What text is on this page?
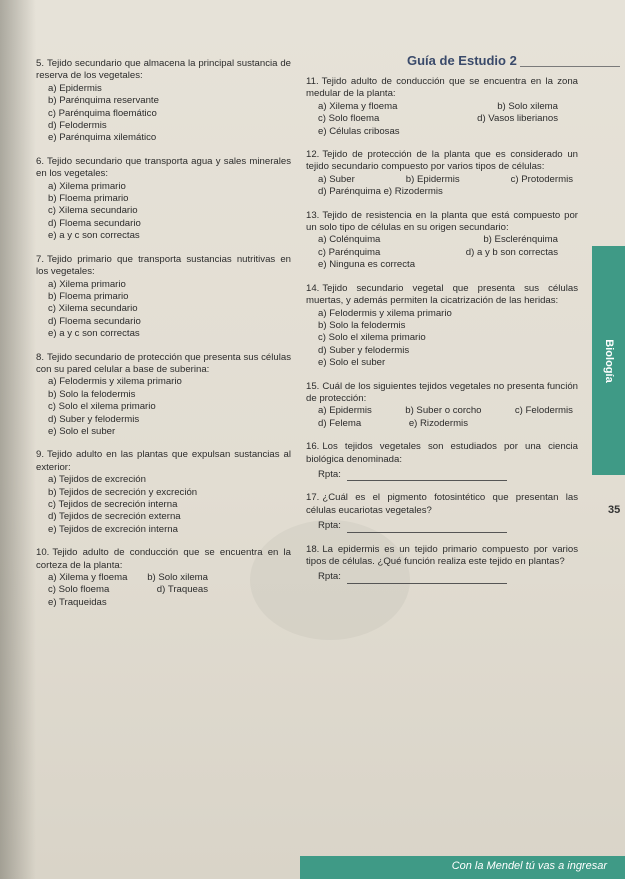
Guía de Estudio 2
5. Tejido secundario que almacena la principal sustancia de reserva de los vegetales:
a) Epidermis
b) Parénquima reservante
c) Parénquima floemático
d) Felodermis
e) Parénquima xilemático
6. Tejido secundario que transporta agua y sales minerales en los vegetales:
a) Xilema primario
b) Floema primario
c) Xilema secundario
d) Floema secundario
e) a y c son correctas
7. Tejido primario que transporta sustancias nutritivas en los vegetales:
a) Xilema primario
b) Floema primario
c) Xilema secundario
d) Floema secundario
e) a y c son correctas
8. Tejido secundario de protección que presenta sus células con su pared celular a base de suberina:
a) Felodermis y xilema primario
b) Solo la felodermis
c) Solo el xilema primario
d) Suber y felodermis
e) Solo el suber
9. Tejido adulto en las plantas que expulsan sustancias al exterior:
a) Tejidos de excreción
b) Tejidos de secreción y excreción
c) Tejidos de secreción interna
d) Tejidos de secreción externa
e) Tejidos de excreción interna
10. Tejido adulto de conducción que se encuentra en la corteza de la planta:
a) Xilema y floema b) Solo xilema
c) Solo floema	d) Traqueas
e) Traqueidas
11. Tejido adulto de conducción que se encuentra en la zona medular de la planta:
a) Xilema y floema	b) Solo xilema
c) Solo floema	d) Vasos liberianos
e) Células cribosas
12. Tejido de protección de la planta que es considerado un tejido secundario compuesto por varios tipos de células:
a) Suber	b) Epidermis	c) Protodermis
d) Parénquima e) Rizodermis
13. Tejido de resistencia en la planta que está compuesto por un solo tipo de células en su origen secundario:
a) Colénquima	b) Esclerénquima
c) Parénquima	d) a y b son correctas
e) Ninguna es correcta
14. Tejido secundario vegetal que presenta sus células muertas, y además permiten la cicatrización de las heridas:
a) Felodermis y xilema primario
b) Solo la felodermis
c) Solo el xilema primario
d) Suber y felodermis
e) Solo el suber
15. Cuál de los siguientes tejidos vegetales no presenta función de protección:
a) Epidermis	b) Suber o corcho	c) Felodermis
d) Felema	e) Rizodermis
16. Los tejidos vegetales son estudiados por una ciencia biológica denominada:
Rpta:
17. ¿Cuál es el pigmento fotosintético que presentan las células eucariotas vegetales?
Rpta:
18. La epidermis es un tejido primario compuesto por varios tipos de células. ¿Qué función realiza este tejido en plantas?
Rpta:
Biología
35
Con la Mendel tú vas a ingresar
